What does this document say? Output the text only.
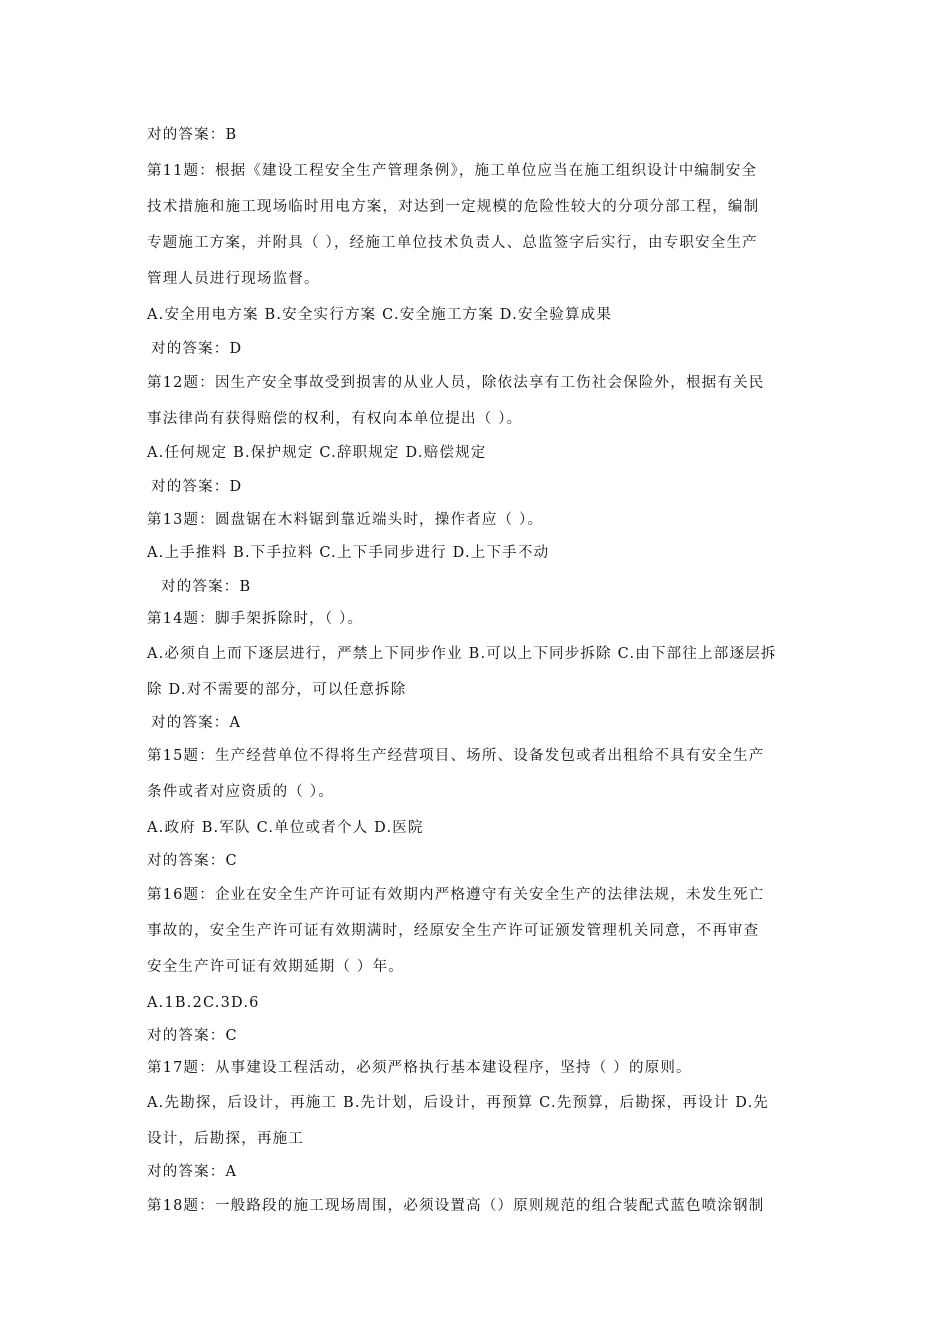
对的答案：B
第11题：根据《建设工程安全生产管理条例》，施工单位应当在施工组织设计中编制安全
技术措施和施工现场临时用电方案，对达到一定规模的危险性较大的分项分部工程，编制
专题施工方案，并附具（ ），经施工单位技术负责人、总监签字后实行，由专职安全生产
管理人员进行现场监督。
A.安全用电方案 B.安全实行方案 C.安全施工方案 D.安全验算成果
对的答案：D
第12题：因生产安全事故受到损害的从业人员，除依法享有工伤社会保险外，根据有关民
事法律尚有获得赔偿的权利，有权向本单位提出（ ）。
A.任何规定 B.保护规定 C.辞职规定 D.赔偿规定
对的答案：D
第13题：圆盘锯在木料锯到靠近端头时，操作者应（ ）。
A.上手推料 B.下手拉料 C.上下手同步进行 D.上下手不动
对的答案：B
第14题：脚手架拆除时，（ ）。
A.必须自上而下逐层进行，严禁上下同步作业 B.可以上下同步拆除 C.由下部往上部逐层拆
除 D.对不需要的部分，可以任意拆除
对的答案：A
第15题：生产经营单位不得将生产经营项目、场所、设备发包或者出租给不具有安全生产
条件或者对应资质的（ ）。
A.政府 B.军队 C.单位或者个人 D.医院
对的答案：C
第16题：企业在安全生产许可证有效期内严格遵守有关安全生产的法律法规，未发生死亡
事故的，安全生产许可证有效期满时，经原安全生产许可证颁发管理机关同意，不再审查
安全生产许可证有效期延期（ ）年。
A.1B.2C.3D.6
对的答案：C
第17题：从事建设工程活动，必须严格执行基本建设程序，坚持（ ）的原则。
A.先勘探，后设计，再施工 B.先计划，后设计，再预算 C.先预算，后勘探，再设计 D.先
设计，后勘探，再施工
对的答案：A
第18题：一般路段的施工现场周围，必须设置高（）原则规范的组合装配式蓝色喷涂钢制
